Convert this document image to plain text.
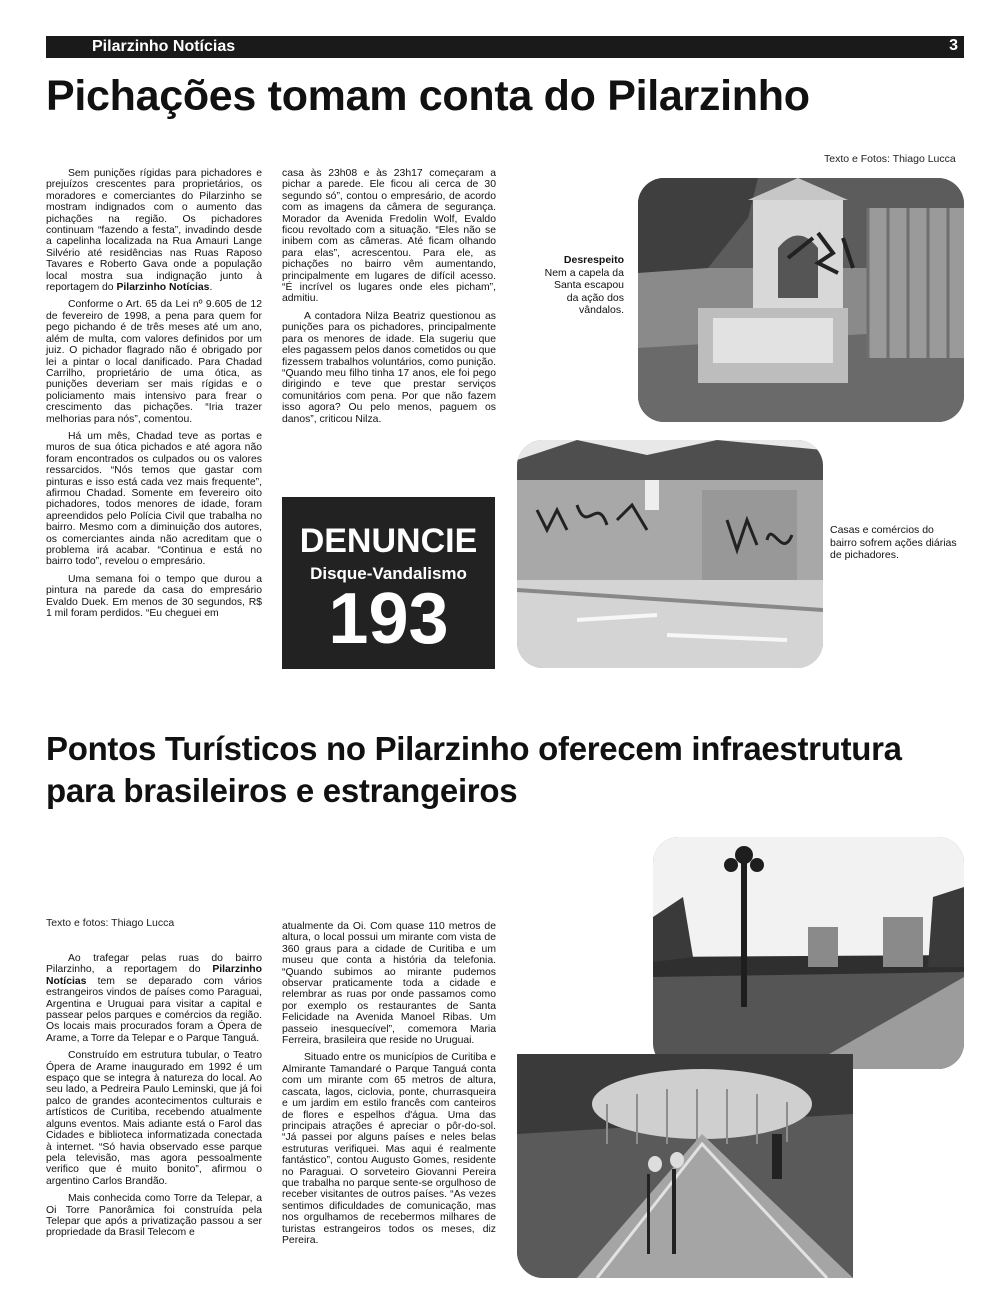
Pilarzinho Notícias	3
Pichações tomam conta do Pilarzinho
Texto e Fotos: Thiago Lucca

Sem punições rígidas para pichadores e prejuízos crescentes para proprietários, os moradores e comerciantes do Pilarzinho se mostram indignados com o aumento das pichações na região. Os pichadores continuam “fazendo a festa”, invadindo desde a capelinha localizada na Rua Amauri Lange Silvério até residências nas Ruas Raposo Tavares e Roberto Gava onde a população local mostra sua indignação junto à reportagem do Pilarzinho Notícias.

Conforme o Art. 65 da Lei nº 9.605 de 12 de fevereiro de 1998, a pena para quem for pego pichando é de três meses até um ano, além de multa, com valores definidos por um juiz. O pichador flagrado não é obrigado por lei a pintar o local danificado. Para Chadad Carrilho, proprietário de uma ótica, as punições deveriam ser mais rígidas e o policiamento mais intensivo para frear o crescimento das pichações. “Iria trazer melhorias para nós”, comentou.

Há um mês, Chadad teve as portas e muros de sua ótica pichados e até agora não foram encontrados os culpados ou os valores ressarcidos. “Nós temos que gastar com pinturas e isso está cada vez mais frequente”, afirmou Chadad. Somente em fevereiro oito pichadores, todos menores de idade, foram apreendidos pelo Polícia Civil que trabalha no bairro. Mesmo com a diminuição dos autores, os comerciantes ainda não acreditam que o problema irá acabar. “Continua e está no bairro todo”, revelou o empresário.

Uma semana foi o tempo que durou a pintura na parede da casa do empresário Evaldo Duek. Em menos de 30 segundos, R$ 1 mil foram perdidos. “Eu cheguei em

casa às 23h08 e às 23h17 começaram a pichar a parede. Ele ficou ali cerca de 30 segundo só”, contou o empresário, de acordo com as imagens da câmera de segurança. Morador da Avenida Fredolin Wolf, Evaldo ficou revoltado com a situação. “Eles não se inibem com as câmeras. Até ficam olhando para elas”, acrescentou. Para ele, as pichações no bairro vêm aumentando, principalmente em lugares de difícil acesso. “É incrível os lugares onde eles picham”, admitiu.

A contadora Nilza Beatriz questionou as punições para os pichadores, principalmente para os menores de idade. Ela sugeriu que eles pagassem pelos danos cometidos ou que fizessem trabalhos voluntários, como punição. “Quando meu filho tinha 17 anos, ele foi pego dirigindo e teve que prestar serviços comunitários com pena. Por que não fazem isso agora? Ou pelo menos, paguem os danos”, criticou Nilza.

Desrespeito
Nem a capela da Santa escapou da ação dos vândalos.
Casas e comércios do bairro sofrem ações diárias de pichadores.
DENUNCIE
Disque-Vandalismo
193
Pontos Turísticos no Pilarzinho oferecem infraestrutura para brasileiros e estrangeiros
Texto e fotos: Thiago Lucca

Ao trafegar pelas ruas do bairro Pilarzinho, a reportagem do Pilarzinho Notícias tem se deparado com vários estrangeiros vindos de países como Paraguai, Argentina e Uruguai para visitar a capital e passear pelos parques e comércios da região. Os locais mais procurados foram a Ópera de Arame, a Torre da Telepar e o Parque Tanguá.

Construído em estrutura tubular, o Teatro Ópera de Arame inaugurado em 1992 é um espaço que se integra à natureza do local. Ao seu lado, a Pedreira Paulo Leminski, que já foi palco de grandes acontecimentos culturais e artísticos de Curitiba, recebendo atualmente alguns eventos. Mais adiante está o Farol das Cidades e biblioteca informatizada conectada à internet. “Só havia observado esse parque pela televisão, mas agora pessoalmente verifico que é muito bonito”, afirmou o argentino Carlos Brandão.

Mais conhecida como Torre da Telepar, a Oi Torre Panorâmica foi construída pela Telepar que após a privatização passou a ser propriedade da Brasil Telecom e

atualmente da Oi. Com quase 110 metros de altura, o local possui um mirante com vista de 360 graus para a cidade de Curitiba e um museu que conta a história da telefonia. “Quando subimos ao mirante pudemos observar praticamente toda a cidade e relembrar as ruas por onde passamos como por exemplo os restaurantes de Santa Felicidade na Avenida Manoel Ribas. Um passeio inesquecível”, comemora Maria Ferreira, brasileira que reside no Uruguai.

Situado entre os municípios de Curitiba e Almirante Tamandaré o Parque Tanguá conta com um mirante com 65 metros de altura, cascata, lagos, ciclovia, ponte, churrasqueira e um jardim em estilo francês com canteiros de flores e espelhos d'água. Uma das principais atrações é apreciar o pôr-do-sol. “Já passei por alguns países e neles belas estruturas verifiquei. Mas aqui é realmente fantástico”, contou Augusto Gomes, residente no Paraguai. O sorveteiro Giovanni Pereira que trabalha no parque sente-se orgulhoso de receber visitantes de outros países. “As vezes sentimos dificuldades de comunicação, mas nos orgulhamos de recebermos milhares de turistas estrangeiros todos os meses, diz Pereira.
